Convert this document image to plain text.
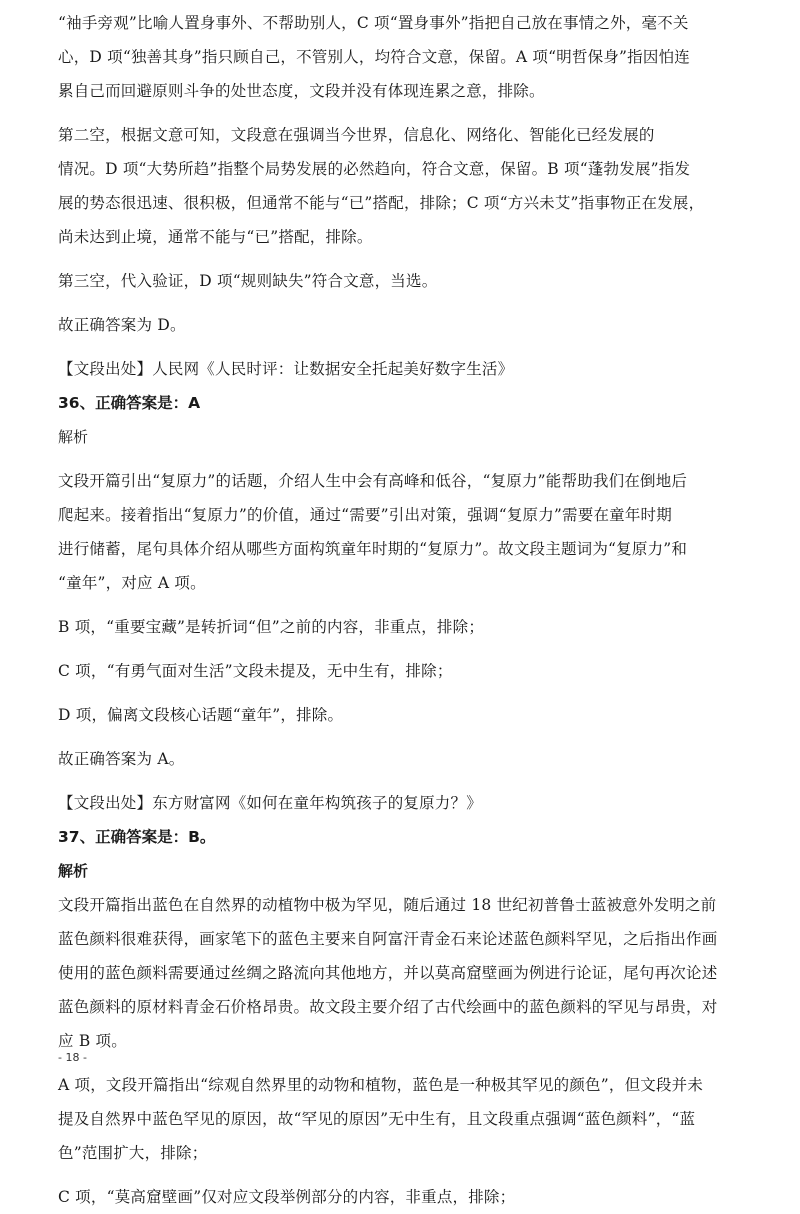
“袖手旁观”比喻人置身事外、不帮助别人，C 项“置身事外”指把自己放在事情之外，毫不关

心，D 项“独善其身”指只顾自己，不管别人，均符合文意，保留。A 项“明哲保身”指因怕连

累自己而回避原则斗争的处世态度，文段并没有体现连累之意，排除。

第二空，根据文意可知，文段意在强调当今世界，信息化、网络化、智能化已经发展的

情况。D 项“大势所趋”指整个局势发展的必然趋向，符合文意，保留。B 项“蓬勃发展”指发

展的势态很迅速、很积极，但通常不能与“已”搭配，排除；C 项“方兴未艾”指事物正在发展，

尚未达到止境，通常不能与“已”搭配，排除。

第三空，代入验证，D 项“规则缺失”符合文意，当选。

故正确答案为 D。

【文段出处】人民网《人民时评：让数据安全托起美好数字生活》

36、正确答案是：A

解析

文段开篇引出“复原力”的话题，介绍人生中会有高峰和低谷，“复原力”能帮助我们在倒地后

爬起来。接着指出“复原力”的价值，通过“需要”引出对策，强调“复原力”需要在童年时期

进行储蓄，尾句具体介绍从哪些方面构筑童年时期的“复原力”。故文段主题词为“复原力”和

“童年”，对应 A 项。

B 项，“重要宝藏”是转折词“但”之前的内容，非重点，排除；

C 项，“有勇气面对生活”文段未提及，无中生有，排除；

D 项，偏离文段核心话题“童年”，排除。

故正确答案为 A。

【文段出处】东方财富网《如何在童年构筑孩子的复原力？》

37、正确答案是：B。

解析

文段开篇指出蓝色在自然界的动植物中极为罕见，随后通过 18 世纪初普鲁士蓝被意外发明之前

蓝色颜料很难获得，画家笔下的蓝色主要来自阿富汗青金石来论述蓝色颜料罕见，之后指出作画

使用的蓝色颜料需要通过丝绸之路流向其他地方，并以莫高窟壁画为例进行论证，尾句再次论述

蓝色颜料的原材料青金石价格昂贵。故文段主要介绍了古代绘画中的蓝色颜料的罕见与昂贵，对

应 B 项。

A 项，文段开篇指出“综观自然界里的动物和植物，蓝色是一种极其罕见的颜色”，但文段并未

提及自然界中蓝色罕见的原因，故“罕见的原因”无中生有，且文段重点强调“蓝色颜料”，“蓝

色”范围扩大，排除；

C 项，“莫高窟壁画”仅对应文段举例部分的内容，非重点，排除；

- 18 -
